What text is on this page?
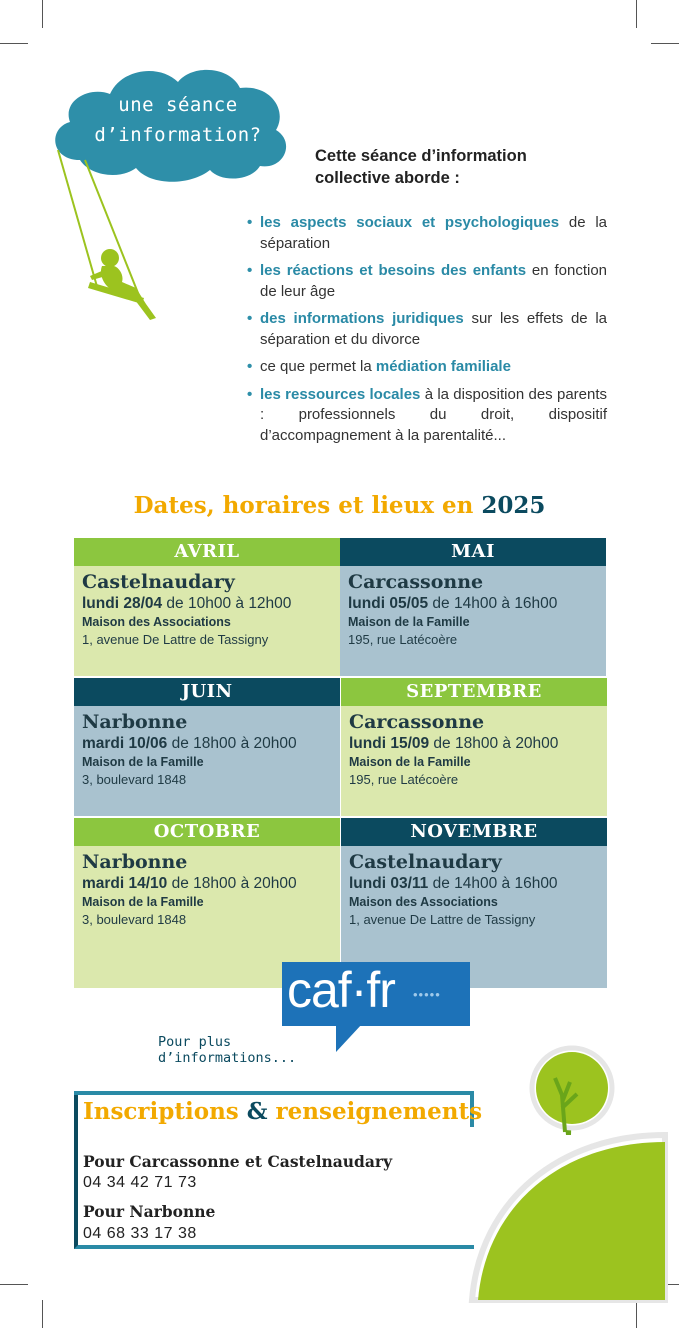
une séance
d’information?
Cette séance d’information
collective aborde :
• les aspects sociaux et psychologiques de la séparation
• les réactions et besoins des enfants en fonction de leur âge
• des informations juridiques sur les effets de la séparation et du divorce
• ce que permet la médiation familiale
• les ressources locales à la disposition des parents : professionnels du droit, dispositif d’accompagnement à la parentalité...
Dates, horaires et lieux en 2025
AVRIL
Castelnaudary
lundi 28/04 de 10h00 à 12h00
Maison des Associations
1, avenue De Lattre de Tassigny
MAI
Carcassonne
lundi 05/05 de 14h00 à 16h00
Maison de la Famille
195, rue Latécoère
JUIN
Narbonne
mardi 10/06 de 18h00 à 20h00
Maison de la Famille
3, boulevard 1848
SEPTEMBRE
Carcassonne
lundi 15/09 de 18h00 à 20h00
Maison de la Famille
195, rue Latécoère
OCTOBRE
Narbonne
mardi 14/10 de 18h00 à 20h00
Maison de la Famille
3, boulevard 1848
NOVEMBRE
Castelnaudary
lundi 03/11 de 14h00 à 16h00
Maison des Associations
1, avenue De Lattre de Tassigny
caf·fr •••••
Pour plus
d’informations...
Inscriptions & renseignements
Pour Carcassonne et Castelnaudary
04 34 42 71 73
Pour Narbonne
04 68 33 17 38
